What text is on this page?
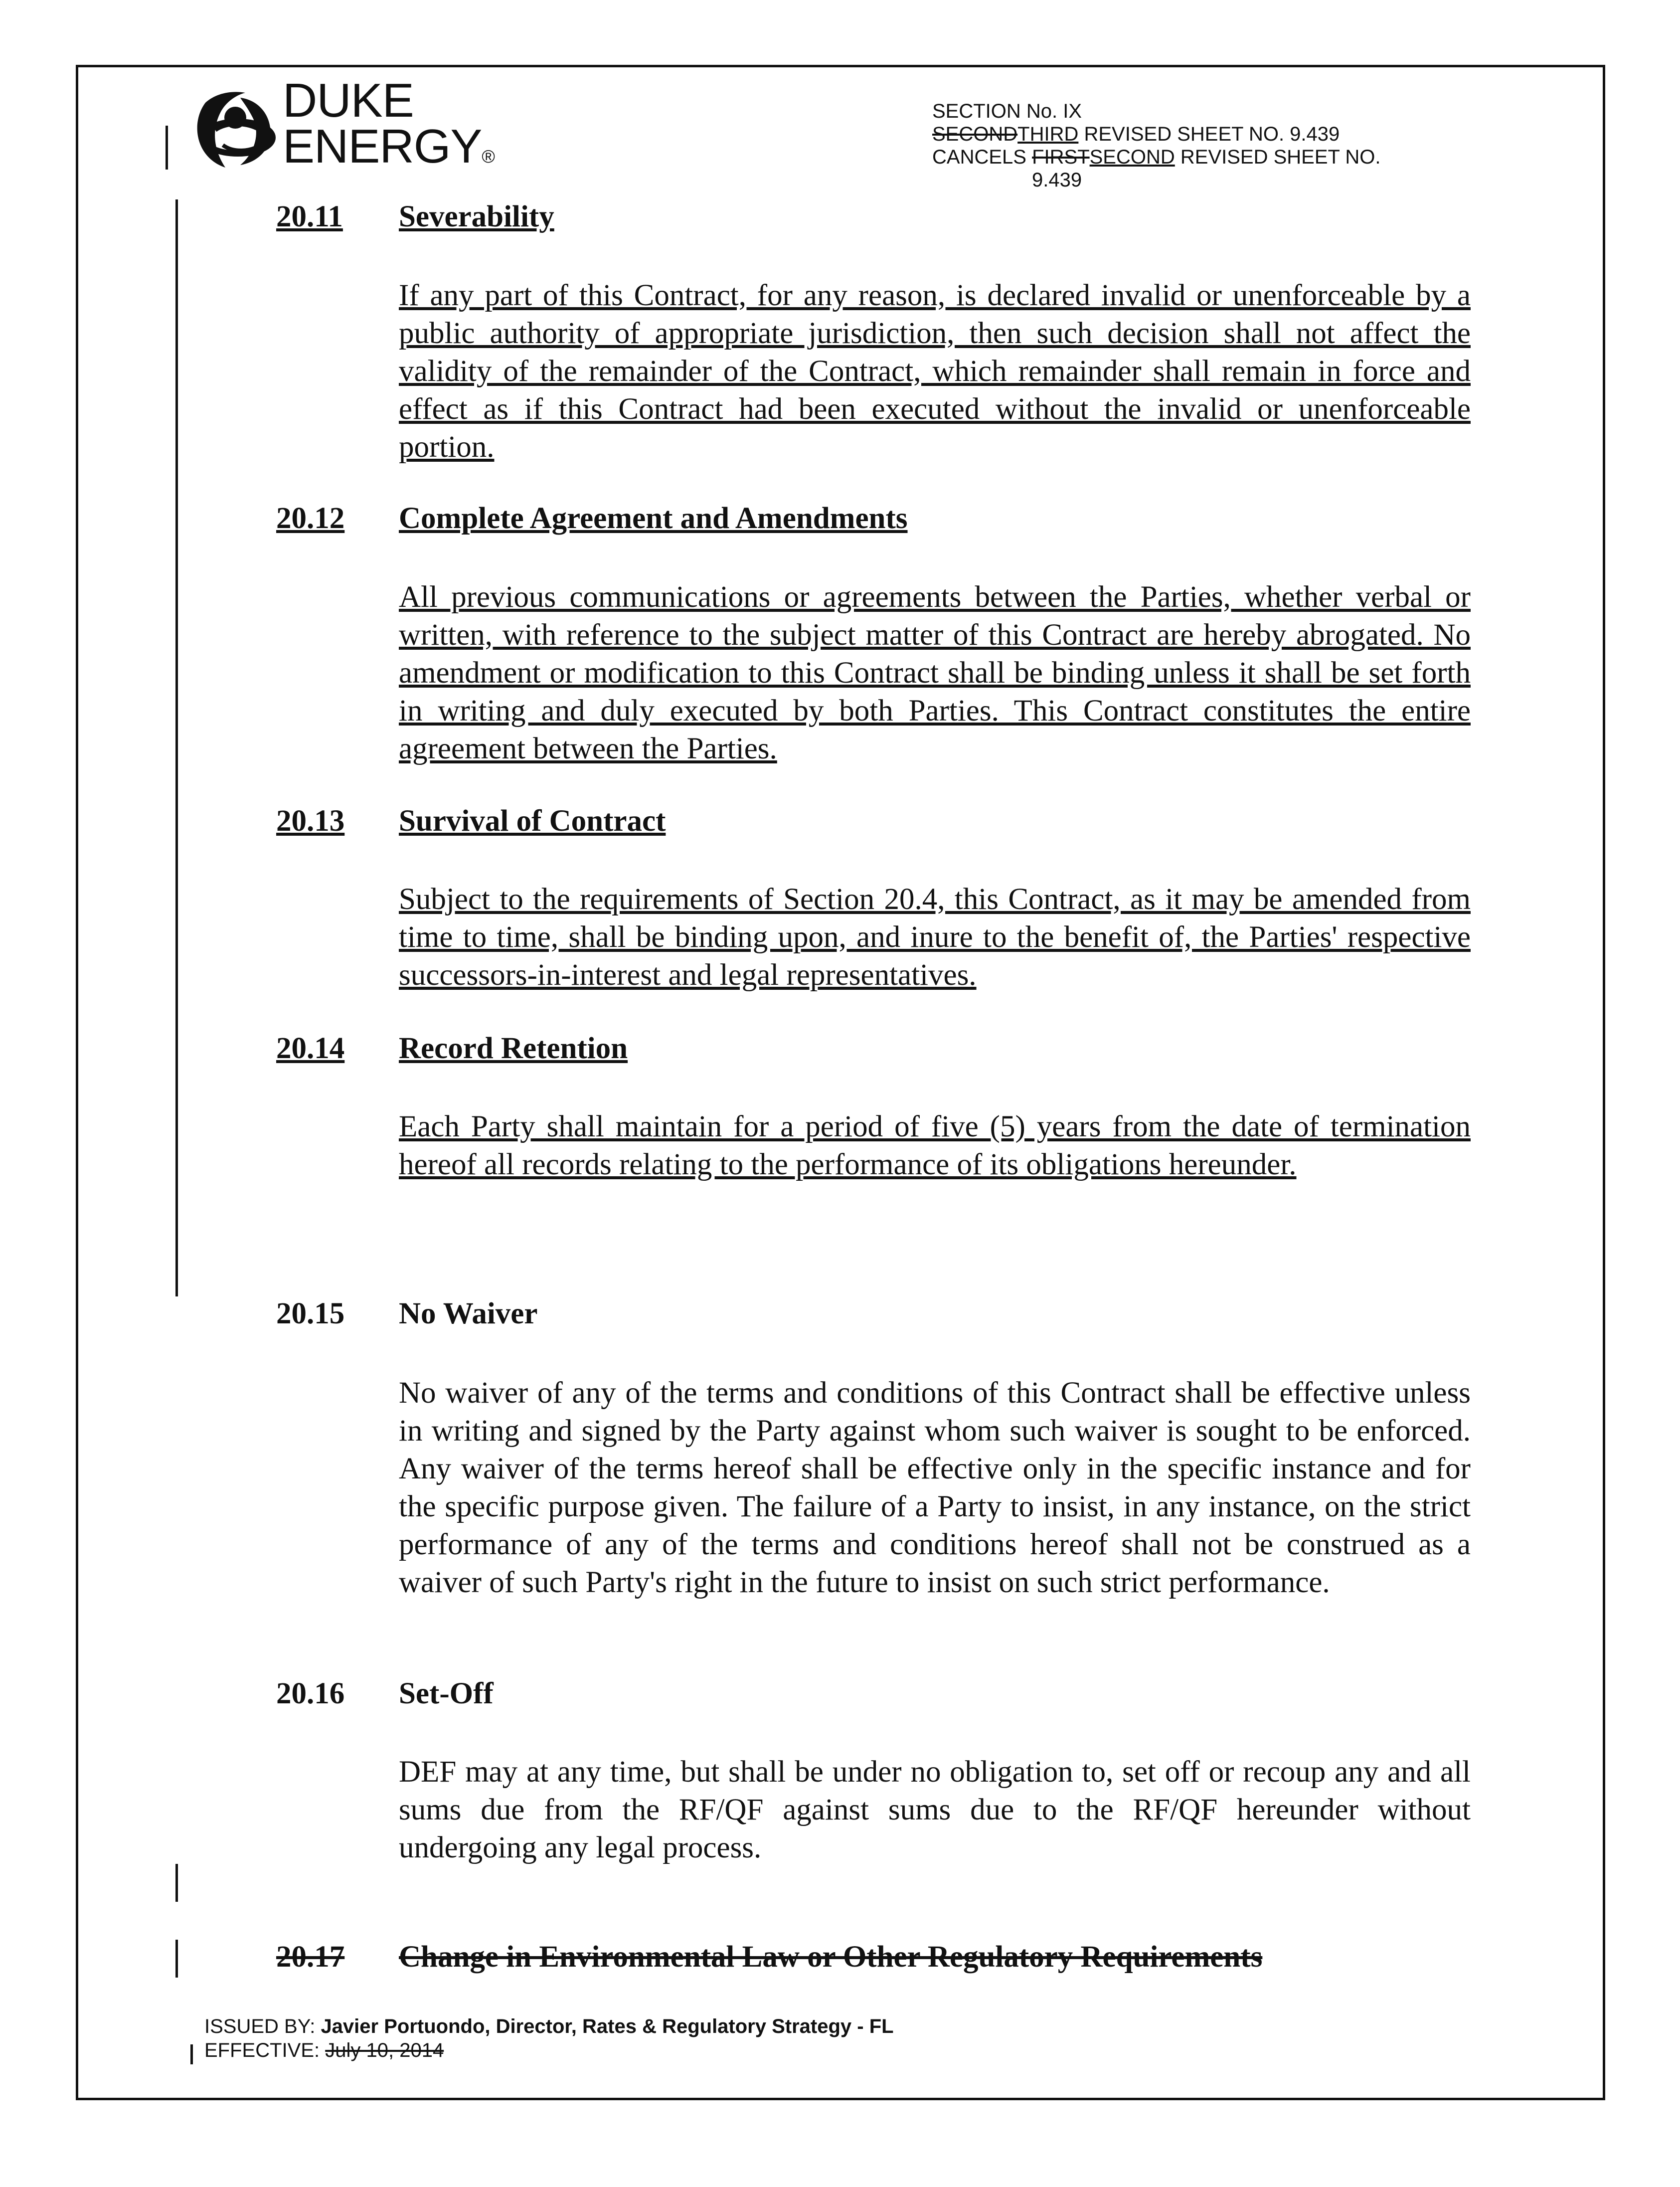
DUKE
ENERGY®
SECTION No. IX
SECONDTHIRD REVISED SHEET NO. 9.439
CANCELS FIRSTSECOND REVISED SHEET NO.
9.439
20.11 Severability

If any part of this Contract, for any reason, is declared invalid or unenforceable by a public authority of appropriate jurisdiction, then such decision shall not affect the validity of the remainder of the Contract, which remainder shall remain in force and effect as if this Contract had been executed without the invalid or unenforceable portion.

20.12 Complete Agreement and Amendments

All previous communications or agreements between the Parties, whether verbal or written, with reference to the subject matter of this Contract are hereby abrogated. No amendment or modification to this Contract shall be binding unless it shall be set forth in writing and duly executed by both Parties. This Contract constitutes the entire agreement between the Parties.

20.13 Survival of Contract

Subject to the requirements of Section 20.4, this Contract, as it may be amended from time to time, shall be binding upon, and inure to the benefit of, the Parties' respective successors-in-interest and legal representatives.

20.14 Record Retention

Each Party shall maintain for a period of five (5) years from the date of termination hereof all records relating to the performance of its obligations hereunder.

20.15 No Waiver

No waiver of any of the terms and conditions of this Contract shall be effective unless in writing and signed by the Party against whom such waiver is sought to be enforced. Any waiver of the terms hereof shall be effective only in the specific instance and for the specific purpose given. The failure of a Party to insist, in any instance, on the strict performance of any of the terms and conditions hereof shall not be construed as a waiver of such Party's right in the future to insist on such strict performance.

20.16 Set-Off

DEF may at any time, but shall be under no obligation to, set off or recoup any and all sums due from the RF/QF against sums due to the RF/QF hereunder without undergoing any legal process.

20.17 Change in Environmental Law or Other Regulatory Requirements
ISSUED BY: Javier Portuondo, Director, Rates & Regulatory Strategy - FL
EFFECTIVE: July 10, 2014
